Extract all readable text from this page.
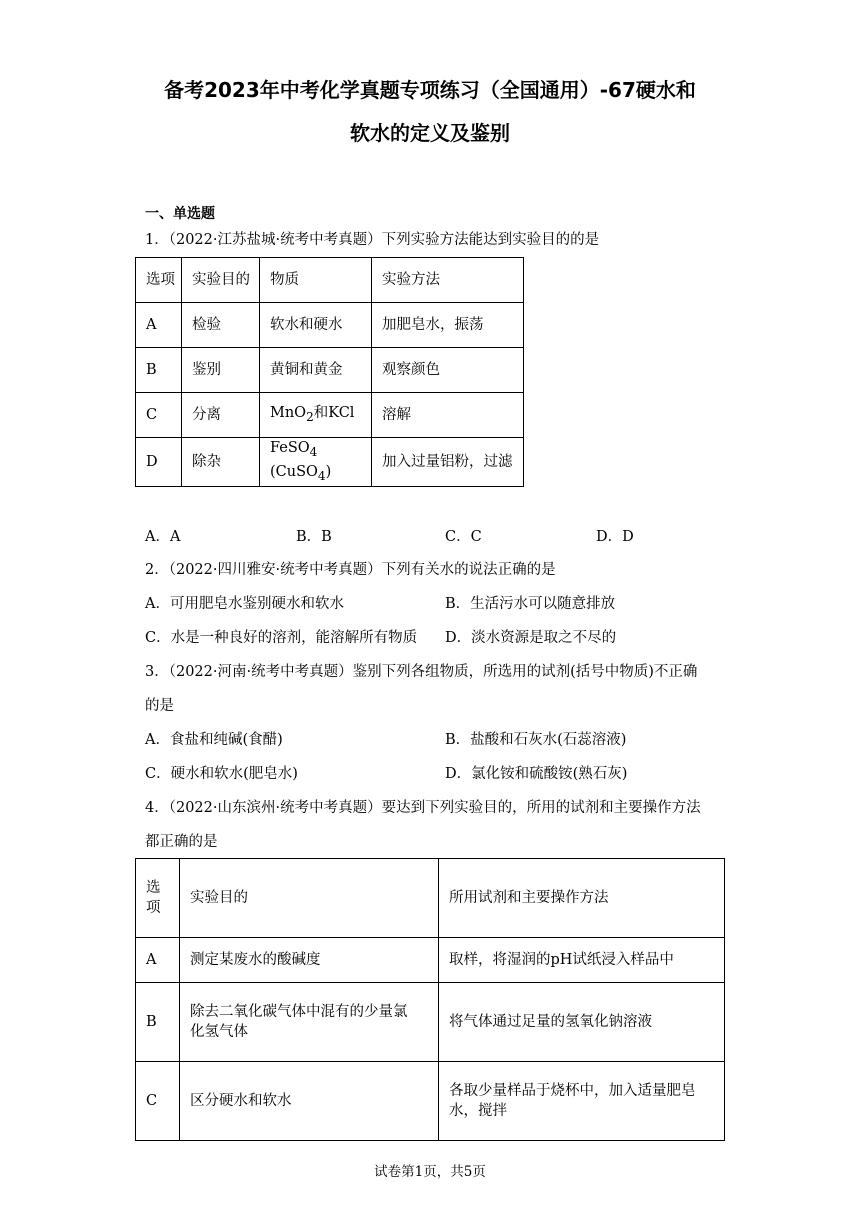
备考2023年中考化学真题专项练习（全国通用）-67硬水和
软水的定义及鉴别
一、单选题
1．（2022·江苏盐城·统考中考真题）下列实验方法能达到实验目的的是
选项	实验目的	物质	实验方法
A	检验	软水和硬水	加肥皂水，振荡
B	鉴别	黄铜和黄金	观察颜色
C	分离	MnO$_2$和KCl	溶解
D	除杂	FeSO$_4$ (CuSO$_4$)	加入过量铝粉，过滤
A．A	B．B	C．C	D．D
2．（2022·四川雅安·统考中考真题）下列有关水的说法正确的是
A．可用肥皂水鉴别硬水和软水	B．生活污水可以随意排放
C．水是一种良好的溶剂，能溶解所有物质 D．淡水资源是取之不尽的
3．（2022·河南·统考中考真题）鉴别下列各组物质，所选用的试剂(括号中物质)不正确
的是
A．食盐和纯碱(食醋)	B．盐酸和石灰水(石蕊溶液)
C．硬水和软水(肥皂水)	D．氯化铵和硫酸铵(熟石灰)
4．（2022·山东滨州·统考中考真题）要达到下列实验目的，所用的试剂和主要操作方法
都正确的是
选
项	实验目的	所用试剂和主要操作方法
A	测定某废水的酸碱度	取样，将湿润的pH试纸浸入样品中
B	除去二氧化碳气体中混有的少量氯
化氢气体	将气体通过足量的氢氧化钠溶液
C	区分硬水和软水	各取少量样品于烧杯中，加入适量肥皂
水，搅拌
试卷第1页，共5页
